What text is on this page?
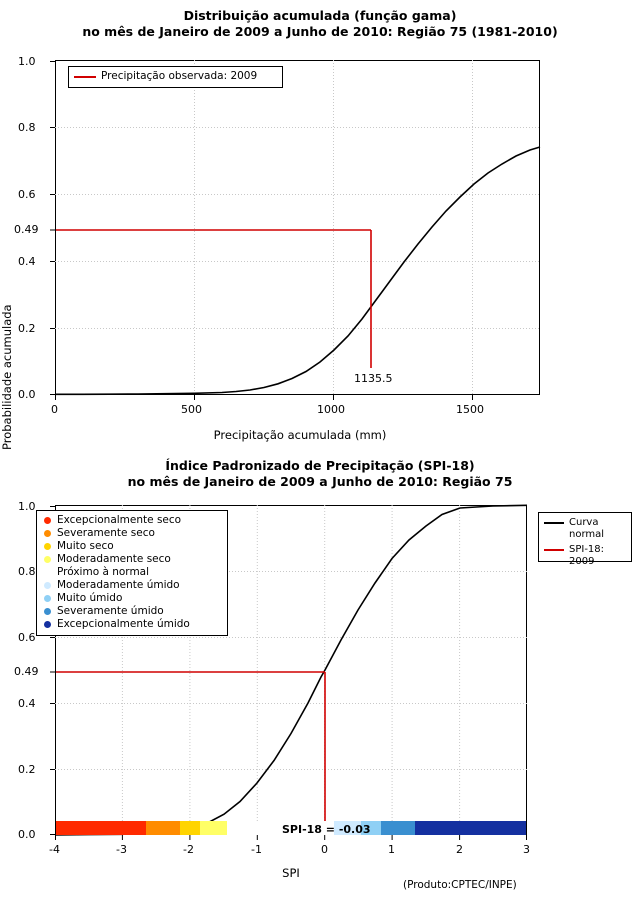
Distribuição acumulada (função gama)
no mês de Janeiro de 2009 a Junho de 2010: Região 75 (1981-2010)
1.0
0.8
0.6
0.4
0.2
0.0
0.49
0	500	1000	1500
1135.5
Precipitação acumulada (mm)
Precipitação observada: 2009
Índice Padronizado de Precipitação (SPI-18)
no mês de Janeiro de 2009 a Junho de 2010: Região 75
SPI-18 = -0.03
1.0
0.8
0.6
0.4
0.2
0.0
0.49
-4	-3	-2	-1	0	1	2	3
SPI
Probabilidade acumulada
(Produto:CPTEC/INPE)
Excepcionalmente seco
Severamente seco
Muito seco
Moderadamente seco
Próximo à normal
Moderadamente úmido
Muito úmido
Severamente úmido
Excepcionalmente úmido
Curva
normal
SPI-18: 2009
